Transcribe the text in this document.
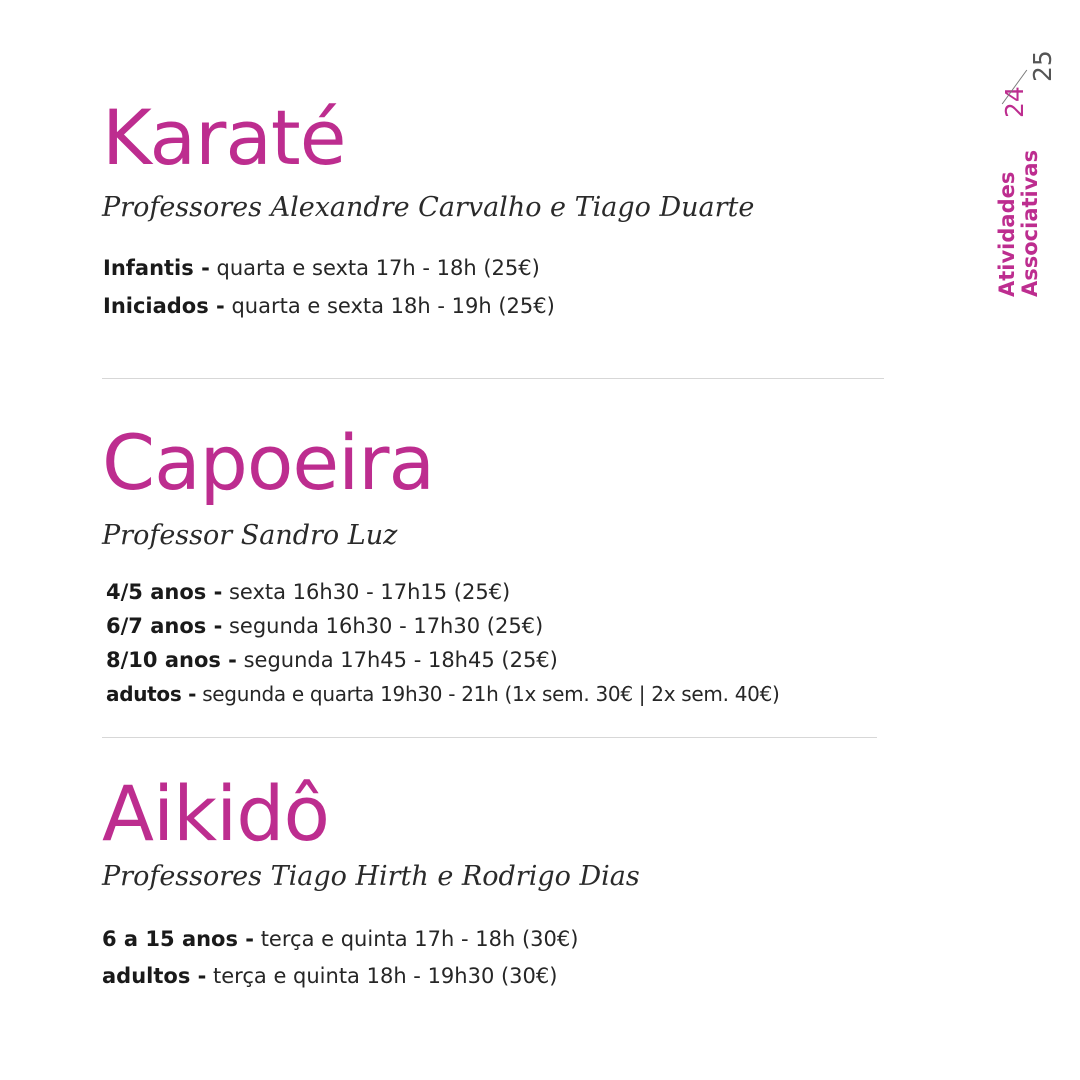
Atividades Associativas
24
25
Karaté

Professores Alexandre Carvalho e Tiago Duarte

Infantis - quarta e sexta 17h - 18h (25€)
Iniciados - quarta e sexta 18h - 19h (25€)
Capoeira

Professor Sandro Luz

4/5 anos - sexta 16h30 - 17h15 (25€)
6/7 anos - segunda 16h30 - 17h30 (25€)
8/10 anos - segunda 17h45 - 18h45 (25€)
adutos - segunda e quarta 19h30 - 21h (1x sem. 30€ | 2x sem. 40€)
Aikidô

Professores Tiago Hirth e Rodrigo Dias

6 a 15 anos - terça e quinta 17h - 18h (30€)
adultos - terça e quinta 18h - 19h30 (30€)
